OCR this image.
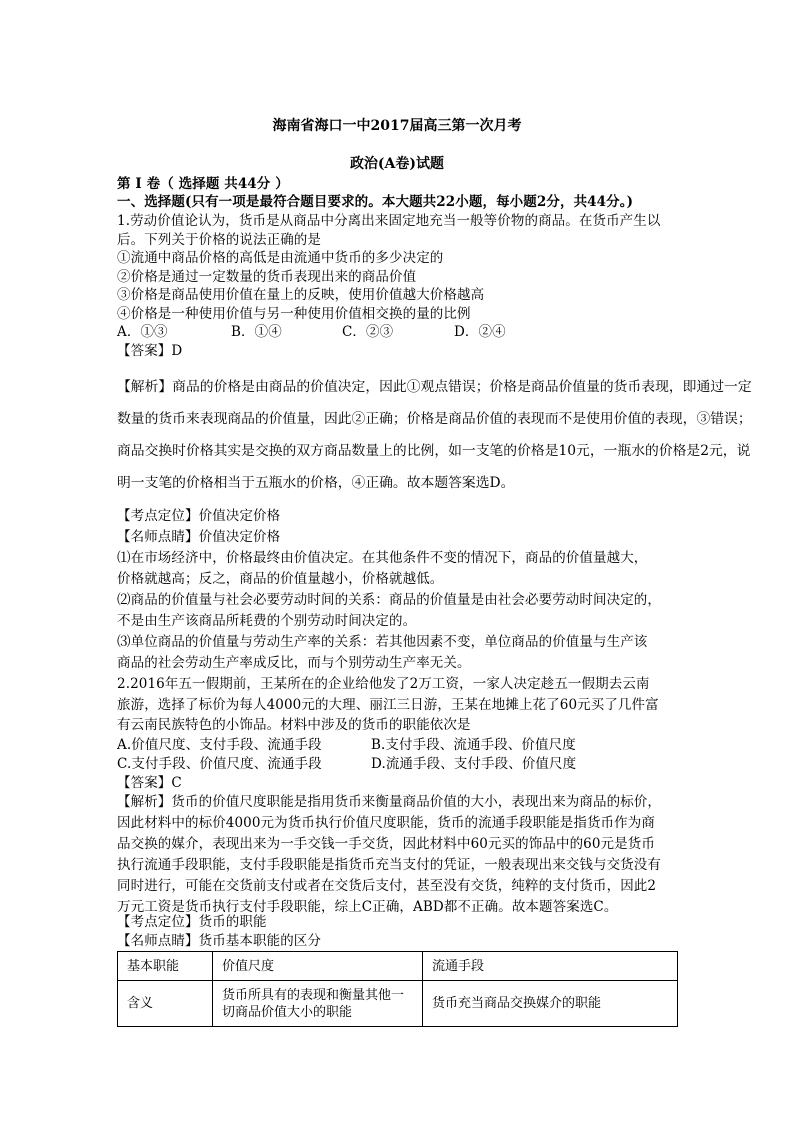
海南省海口一中2017届高三第一次月考
政治(A卷)试题
第 Ⅰ 卷（ 选择题 共44分 ）
一、选择题(只有一项是最符合题目要求的。本大题共22小题，每小题2分，共44分。)
1.劳动价值论认为，货币是从商品中分离出来固定地充当一般等价物的商品。在货币产生以
后。下列关于价格的说法正确的是
①流通中商品价格的高低是由流通中货币的多少决定的
②价格是通过一定数量的货币表现出来的商品价值
③价格是商品使用价值在量上的反映，使用价值越大价格越高
④价格是一种使用价值与另一种使用价值相交换的量的比例
A．①③	B．①④	C．②③	D．②④
【答案】D
【解析】商品的价格是由商品的价值决定，因此①观点错误；价格是商品价值量的货币表现，即通过一定
数量的货币来表现商品的价值量，因此②正确；价格是商品价值的表现而不是使用价值的表现，③错误；
商品交换时价格其实是交换的双方商品数量上的比例，如一支笔的价格是10元，一瓶水的价格是2元，说
明一支笔的价格相当于五瓶水的价格，④正确。故本题答案选D。
【考点定位】价值决定价格
【名师点睛】价值决定价格
⑴在市场经济中，价格最终由价值决定。在其他条件不变的情况下，商品的价值量越大，
价格就越高；反之，商品的价值量越小，价格就越低。
⑵商品的价值量与社会必要劳动时间的关系：商品的价值量是由社会必要劳动时间决定的，
不是由生产该商品所耗费的个别劳动时间决定的。
⑶单位商品的价值量与劳动生产率的关系：若其他因素不变，单位商品的价值量与生产该
商品的社会劳动生产率成反比，而与个别劳动生产率无关。
2.2016年五一假期前，王某所在的企业给他发了2万工资，一家人决定趁五一假期去云南
旅游，选择了标价为每人4000元的大理、丽江三日游，王某在地摊上花了60元买了几件富
有云南民族特色的小饰品。材料中涉及的货币的职能依次是
A.价值尺度、支付手段、流通手段	B.支付手段、流通手段、价值尺度
C.支付手段、价值尺度、流通手段	D.流通手段、支付手段、价值尺度
【答案】C
【解析】货币的价值尺度职能是指用货币来衡量商品价值的大小，表现出来为商品的标价，
因此材料中的标价4000元为货币执行价值尺度职能，货币的流通手段职能是指货币作为商
品交换的媒介，表现出来为一手交钱一手交货，因此材料中60元买的饰品中的60元是货币
执行流通手段职能，支付手段职能是指货币充当支付的凭证，一般表现出来交钱与交货没有
同时进行，可能在交货前支付或者在交货后支付，甚至没有交货，纯粹的支付货币，因此2
万元工资是货币执行支付手段职能，综上C正确，ABD都不正确。故本题答案选C。
【考点定位】货币的职能
【名师点睛】货币基本职能的区分
基本职能	价值尺度	流通手段
含义	货币所具有的表现和衡量其他一切商品价值大小的职能	货币充当商品交换媒介的职能
